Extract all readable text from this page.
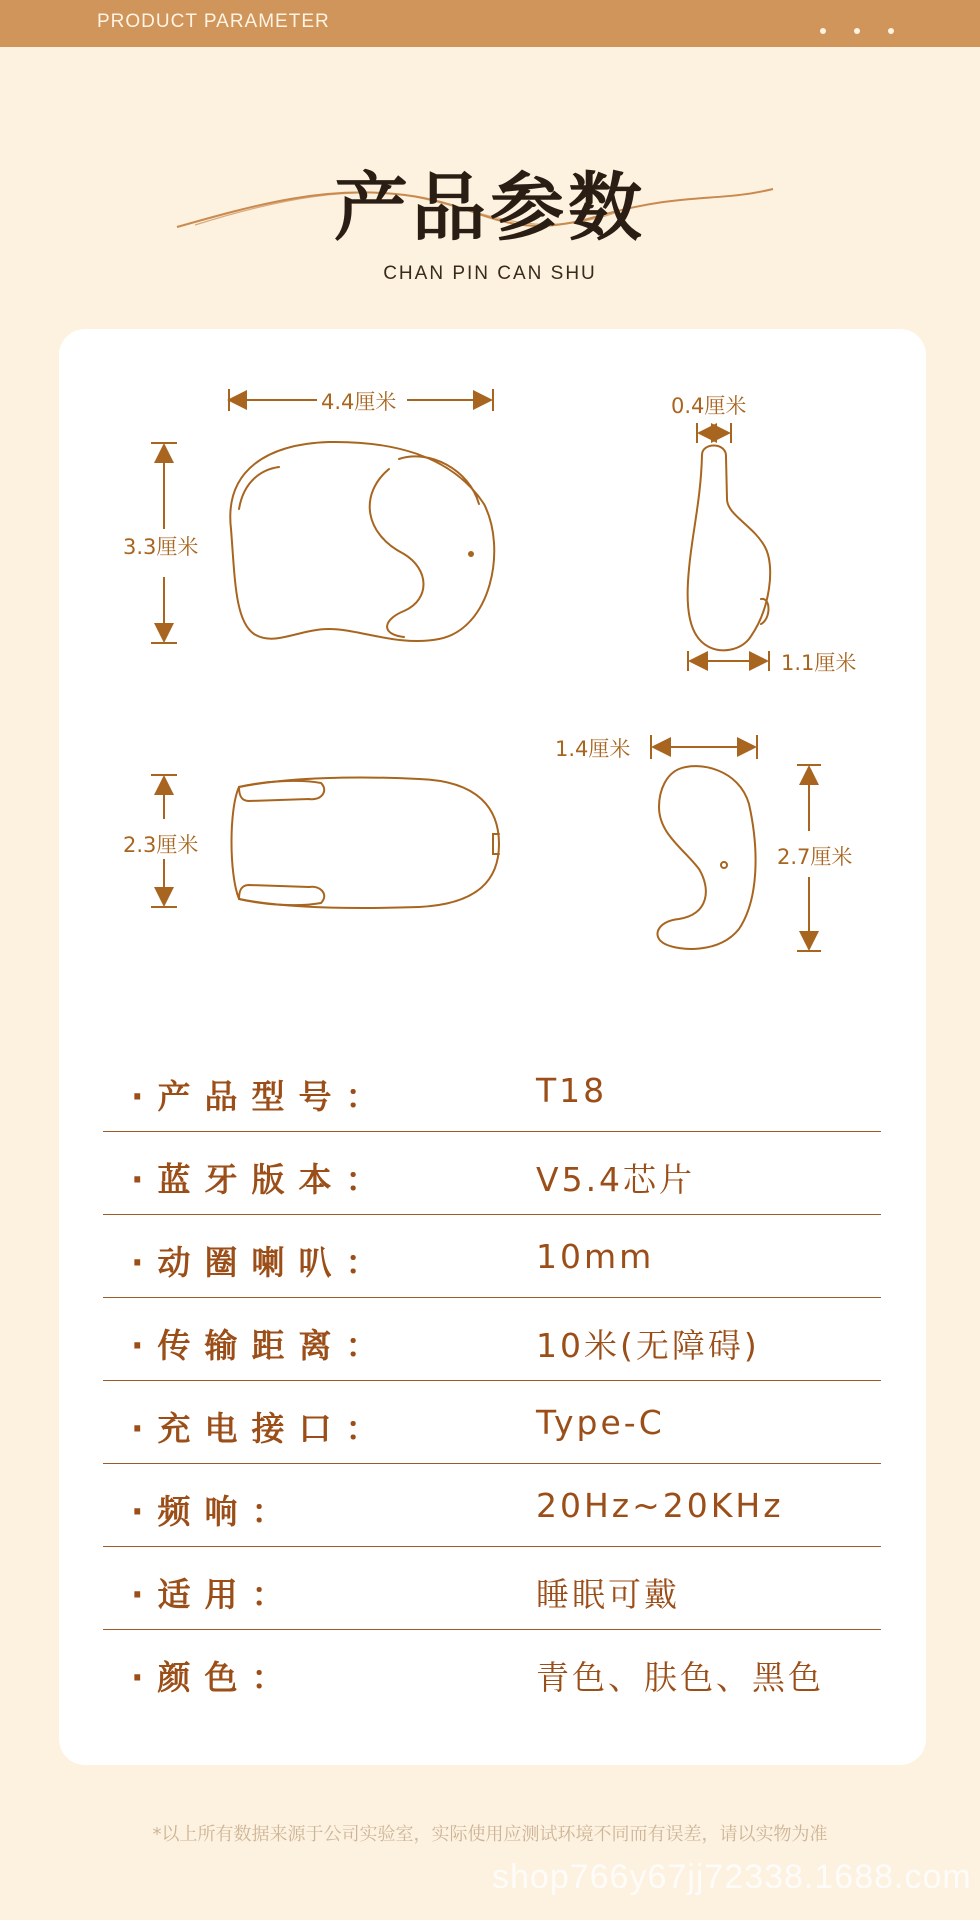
PRODUCT PARAMETER
产品参数
CHAN PIN CAN SHU
4.4厘米
3.3厘米
0.4厘米
1.1厘米
2.3厘米
1.4厘米
2.7厘米
·产品型号：	T18
·蓝牙版本：	V5.4芯片
·动圈喇叭：	10mm
·传输距离：	10米(无障碍)
·充电接口：	Type-C
·频响：	20Hz~20KHz
·适用：	睡眠可戴
·颜色：	青色、肤色、黑色
*以上所有数据来源于公司实验室，实际使用应测试环境不同而有误差，请以实物为准
shop766y67jj72338.1688.com
